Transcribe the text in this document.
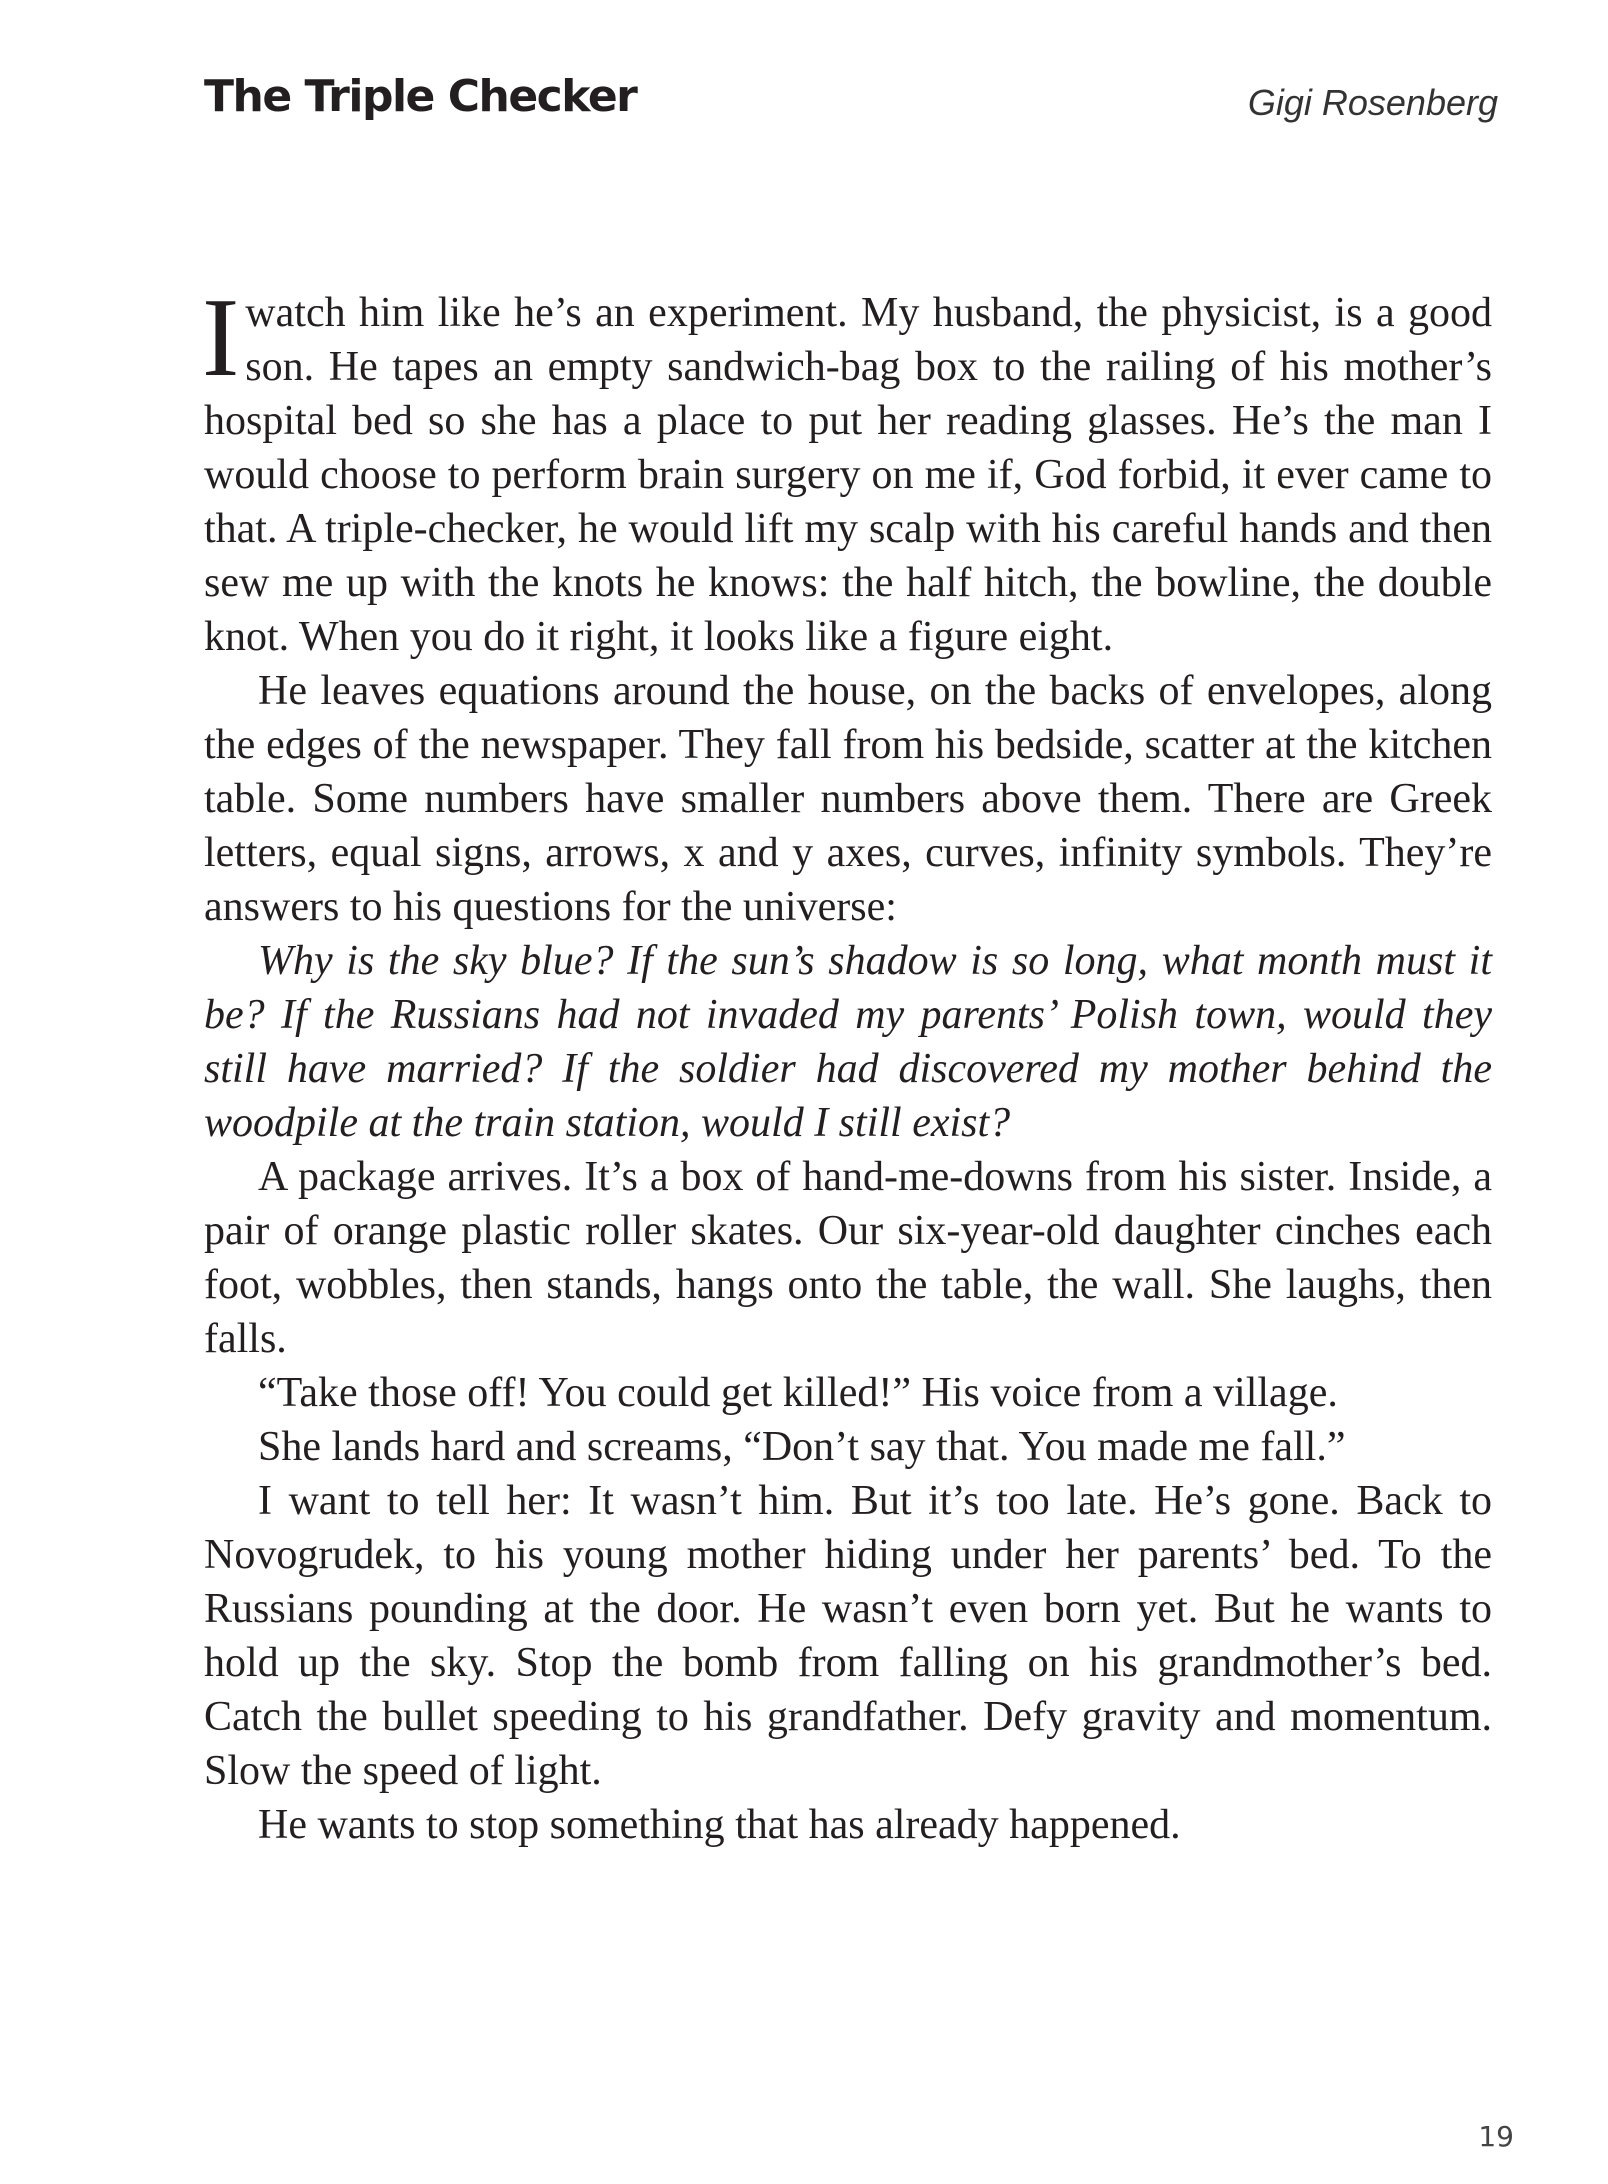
The Triple Checker	Gigi Rosenberg

Iwatch him like he’s an experiment. My husband, the physicist, is a good son. He tapes an empty sandwich-bag box to the railing of his mother’s hospital bed so she has a place to put her reading glasses. He’s the man I would choose to perform brain surgery on me if, God forbid, it ever came to that. A triple-checker, he would lift my scalp with his careful hands and then sew me up with the knots he knows: the half hitch, the bowline, the double knot. When you do it right, it looks like a figure eight.

He leaves equations around the house, on the backs of envelopes, along the edges of the newspaper. They fall from his bedside, scatter at the kitchen table. Some numbers have smaller numbers above them. There are Greek letters, equal signs, arrows, x and y axes, curves, infinity symbols. They’re answers to his questions for the universe:

Why is the sky blue? If the sun’s shadow is so long, what month must it be? If the Russians had not invaded my parents’ Polish town, would they still have married? If the soldier had discovered my mother behind the woodpile at the train station, would I still exist?

A package arrives. It’s a box of hand-me-downs from his sister. Inside, a pair of orange plastic roller skates. Our six-year-old daughter cinches each foot, wobbles, then stands, hangs onto the table, the wall. She laughs, then falls.

“Take those off! You could get killed!” His voice from a village.

She lands hard and screams, “Don’t say that. You made me fall.”

I want to tell her: It wasn’t him. But it’s too late. He’s gone. Back to Novogrudek, to his young mother hiding under her parents’ bed. To the Russians pounding at the door. He wasn’t even born yet. But he wants to hold up the sky. Stop the bomb from falling on his grandmother’s bed. Catch the bullet speeding to his grandfather. Defy gravity and momentum. Slow the speed of light.

He wants to stop something that has already happened.

19
